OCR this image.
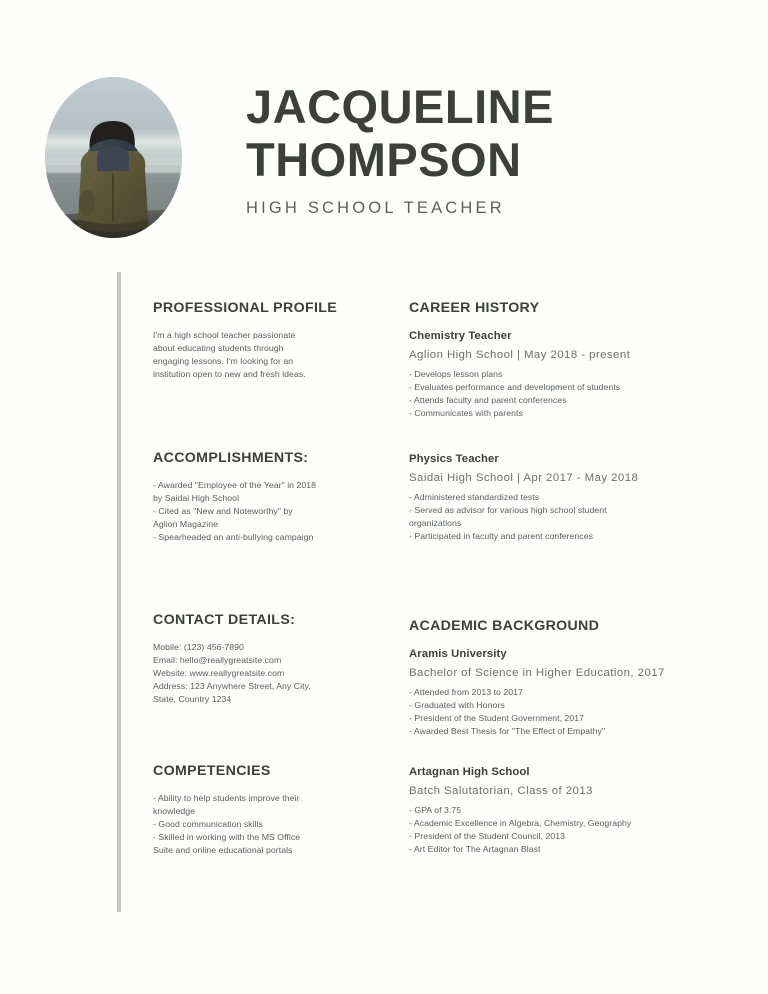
JACQUELINE
THOMPSON
HIGH SCHOOL TEACHER
PROFESSIONAL PROFILE

I'm a high school teacher passionate
about educating students through
engaging lessons. I'm looking for an
institution open to new and fresh ideas.

ACCOMPLISHMENTS:

- Awarded "Employee of the Year" in 2018
by Saidai High School
- Cited as "New and Noteworthy" by
Aglion Magazine
- Spearheaded an anti-bullying campaign

CONTACT DETAILS:

Mobile: (123) 456-7890
Email: hello@reallygreatsite.com
Website: www.reallygreatsite.com
Address: 123 Anywhere Street, Any City,
State, Country 1234

COMPETENCIES

- Ability to help students improve their
knowledge
- Good communication skills
- Skilled in working with the MS Office
Suite and online educational portals

CAREER HISTORY
Chemistry Teacher
Aglion High School | May 2018 - present

- Develops lesson plans
- Evaluates performance and development of students
- Attends faculty and parent conferences
- Communicates with parents

Physics Teacher
Saidai High School | Apr 2017 - May 2018

- Administered standardized tests
- Served as advisor for various high school student
organizations
- Participated in faculty and parent conferences

ACADEMIC BACKGROUND
Aramis University
Bachelor of Science in Higher Education, 2017

- Attended from 2013 to 2017
- Graduated with Honors
- President of the Student Government, 2017
- Awarded Best Thesis for "The Effect of Empathy"

Artagnan High School
Batch Salutatorian, Class of 2013

- GPA of 3.75
- Academic Excellence in Algebra, Chemistry, Geography
- President of the Student Council, 2013
- Art Editor for The Artagnan Blast
